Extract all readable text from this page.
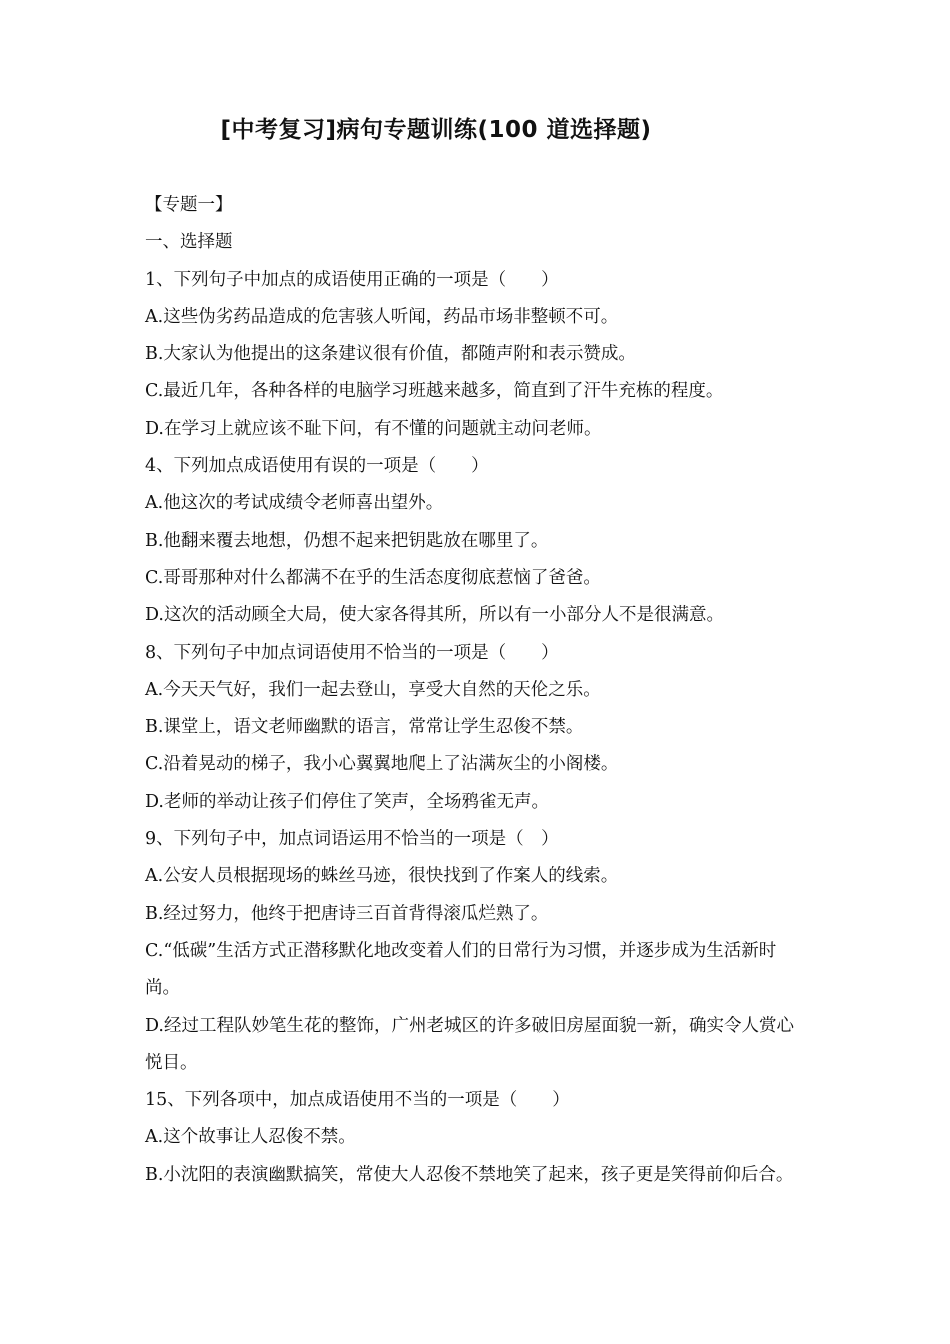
[中考复习]病句专题训练(100 道选择题)

【专题一】

一、选择题

1、下列句子中加点的成语使用正确的一项是（　　）

A.这些伪劣药品造成的危害骇人听闻，药品市场非整顿不可。

B.大家认为他提出的这条建议很有价值，都随声附和表示赞成。

C.最近几年，各种各样的电脑学习班越来越多，简直到了汗牛充栋的程度。

D.在学习上就应该不耻下问，有不懂的问题就主动问老师。

4、下列加点成语使用有误的一项是（　　）

A.他这次的考试成绩令老师喜出望外。

B.他翻来覆去地想，仍想不起来把钥匙放在哪里了。

C.哥哥那种对什么都满不在乎的生活态度彻底惹恼了爸爸。

D.这次的活动顾全大局，使大家各得其所，所以有一小部分人不是很满意。

8、下列句子中加点词语使用不恰当的一项是（　　）

A.今天天气好，我们一起去登山，享受大自然的天伦之乐。

B.课堂上，语文老师幽默的语言，常常让学生忍俊不禁。

C.沿着晃动的梯子，我小心翼翼地爬上了沾满灰尘的小阁楼。

D.老师的举动让孩子们停住了笑声，全场鸦雀无声。

9、下列句子中，加点词语运用不恰当的一项是（　）

A.公安人员根据现场的蛛丝马迹，很快找到了作案人的线索。

B.经过努力，他终于把唐诗三百首背得滚瓜烂熟了。

C.“低碳”生活方式正潜移默化地改变着人们的日常行为习惯，并逐步成为生活新时尚。

D.经过工程队妙笔生花的整饰，广州老城区的许多破旧房屋面貌一新，确实令人赏心悦目。

15、下列各项中，加点成语使用不当的一项是（　　）

A.这个故事让人忍俊不禁。

B.小沈阳的表演幽默搞笑，常使大人忍俊不禁地笑了起来，孩子更是笑得前仰后合。
